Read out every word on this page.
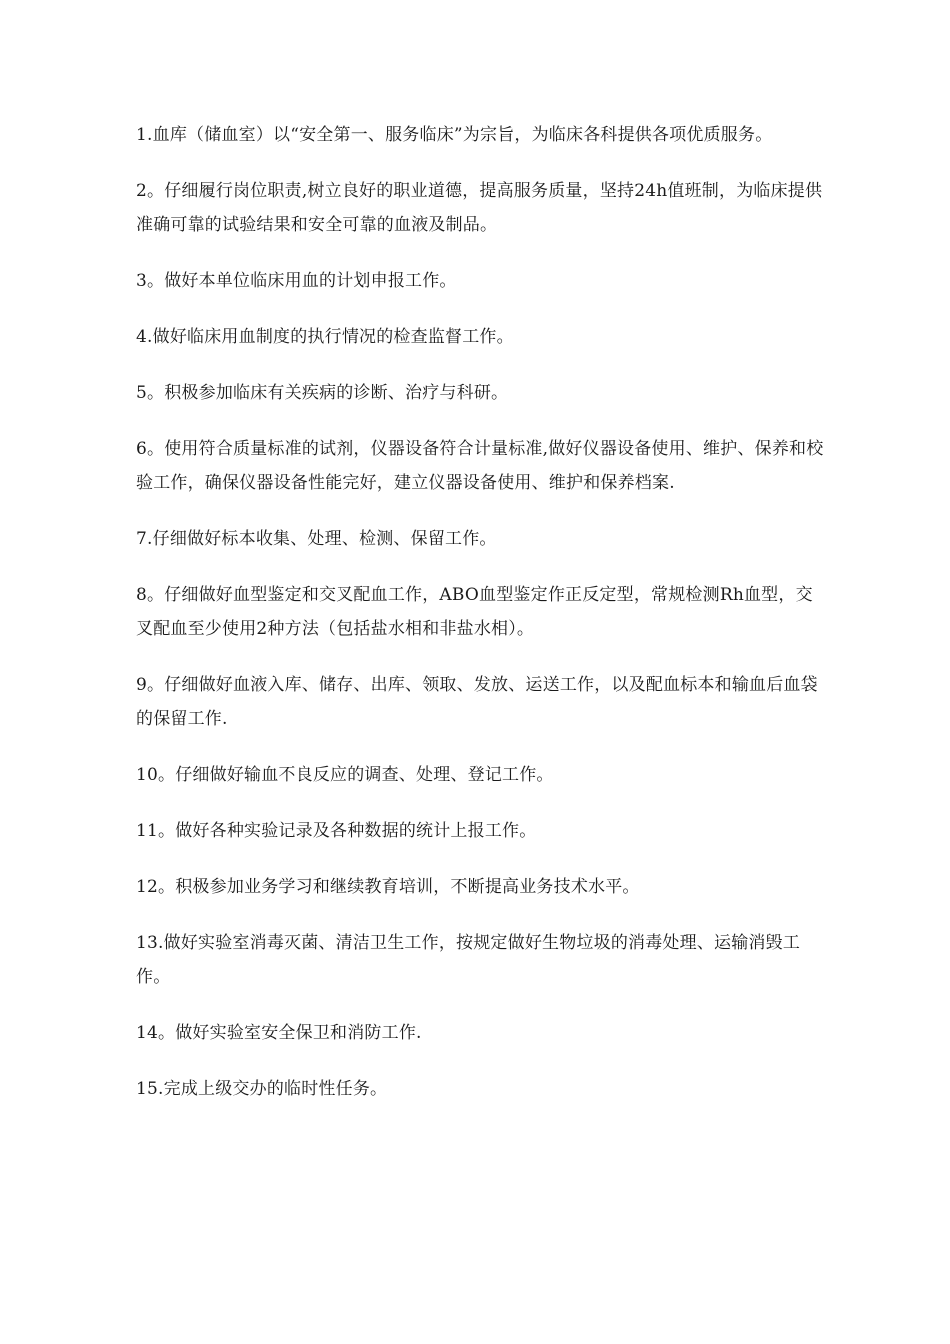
1.血库（储血室）以“安全第一、服务临床”为宗旨，为临床各科提供各项优质服务。

2。仔细履行岗位职责,树立良好的职业道德，提高服务质量，坚持24h值班制，为临床提供准确可靠的试验结果和安全可靠的血液及制品。

3。做好本单位临床用血的计划申报工作。

4.做好临床用血制度的执行情况的检查监督工作。

5。积极参加临床有关疾病的诊断、治疗与科研。

6。使用符合质量标准的试剂，仪器设备符合计量标准,做好仪器设备使用、维护、保养和校验工作，确保仪器设备性能完好，建立仪器设备使用、维护和保养档案.

7.仔细做好标本收集、处理、检测、保留工作。

8。仔细做好血型鉴定和交叉配血工作，ABO血型鉴定作正反定型，常规检测Rh血型，交叉配血至少使用2种方法（包括盐水相和非盐水相）。

9。仔细做好血液入库、储存、出库、领取、发放、运送工作，以及配血标本和输血后血袋的保留工作.

10。仔细做好输血不良反应的调查、处理、登记工作。

11。做好各种实验记录及各种数据的统计上报工作。

12。积极参加业务学习和继续教育培训，不断提高业务技术水平。

13.做好实验室消毒灭菌、清洁卫生工作，按规定做好生物垃圾的消毒处理、运输消毁工作。

14。做好实验室安全保卫和消防工作.

15.完成上级交办的临时性任务。
